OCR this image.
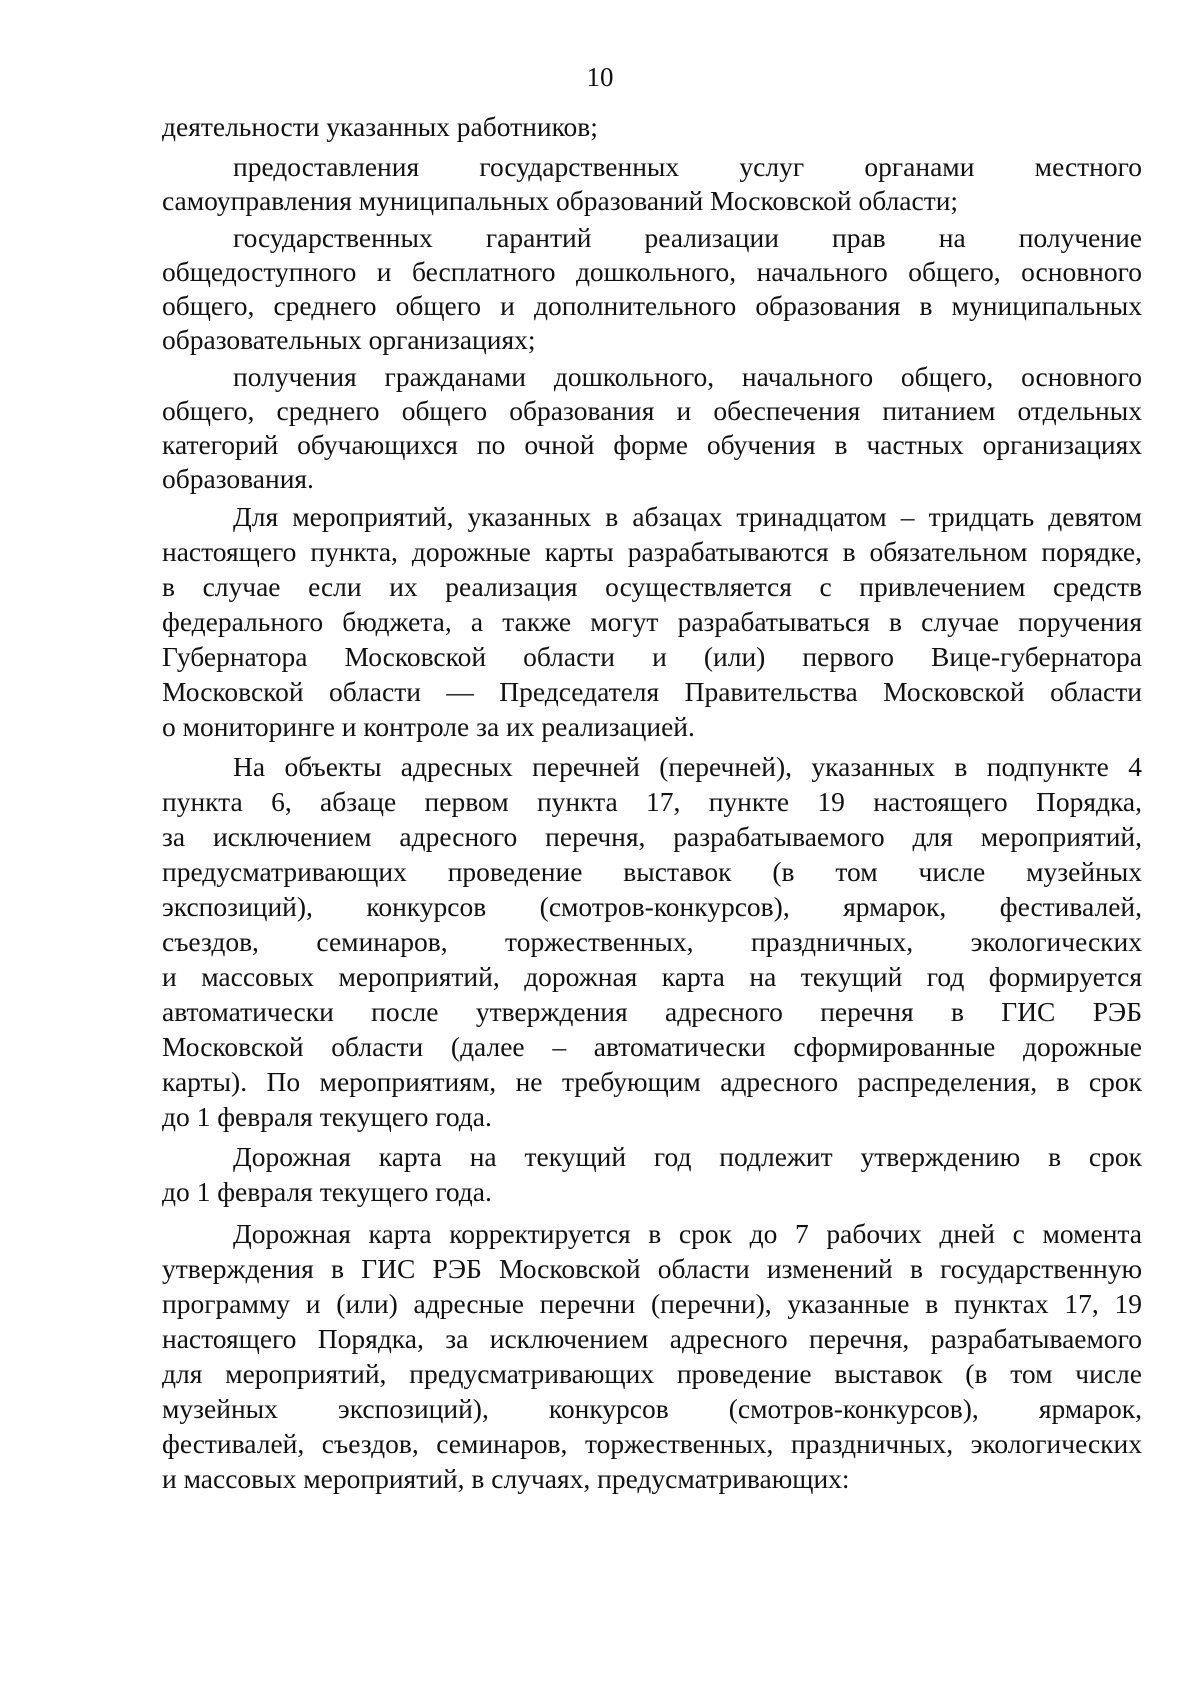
10
деятельности указанных работников;
предоставления государственных услуг органами местного
самоуправления муниципальных образований Московской области;
государственных гарантий реализации прав на получение
общедоступного и бесплатного дошкольного, начального общего, основного
общего, среднего общего и дополнительного образования в муниципальных
образовательных организациях;
получения гражданами дошкольного, начального общего, основного
общего, среднего общего образования и обеспечения питанием отдельных
категорий обучающихся по очной форме обучения в частных организациях
образования.
Для мероприятий, указанных в абзацах тринадцатом – тридцать девятом
настоящего пункта, дорожные карты разрабатываются в обязательном порядке,
в случае если их реализация осуществляется с привлечением средств
федерального бюджета, а также могут разрабатываться в случае поручения
Губернатора Московской области и (или) первого Вице-губернатора
Московской области — Председателя Правительства Московской области
о мониторинге и контроле за их реализацией.
На объекты адресных перечней (перечней), указанных в подпункте 4
пункта 6, абзаце первом пункта 17, пункте 19 настоящего Порядка,
за исключением адресного перечня, разрабатываемого для мероприятий,
предусматривающих проведение выставок (в том числе музейных
экспозиций), конкурсов (смотров-конкурсов), ярмарок, фестивалей,
съездов, семинаров, торжественных, праздничных, экологических
и массовых мероприятий, дорожная карта на текущий год формируется
автоматически после утверждения адресного перечня в ГИС РЭБ
Московской области (далее – автоматически сформированные дорожные
карты). По мероприятиям, не требующим адресного распределения, в срок
до 1 февраля текущего года.
Дорожная карта на текущий год подлежит утверждению в срок
до 1 февраля текущего года.
Дорожная карта корректируется в срок до 7 рабочих дней с момента
утверждения в ГИС РЭБ Московской области изменений в государственную
программу и (или) адресные перечни (перечни), указанные в пунктах 17, 19
настоящего Порядка, за исключением адресного перечня, разрабатываемого
для мероприятий, предусматривающих проведение выставок (в том числе
музейных экспозиций), конкурсов (смотров-конкурсов), ярмарок,
фестивалей, съездов, семинаров, торжественных, праздничных, экологических
и массовых мероприятий, в случаях, предусматривающих:
